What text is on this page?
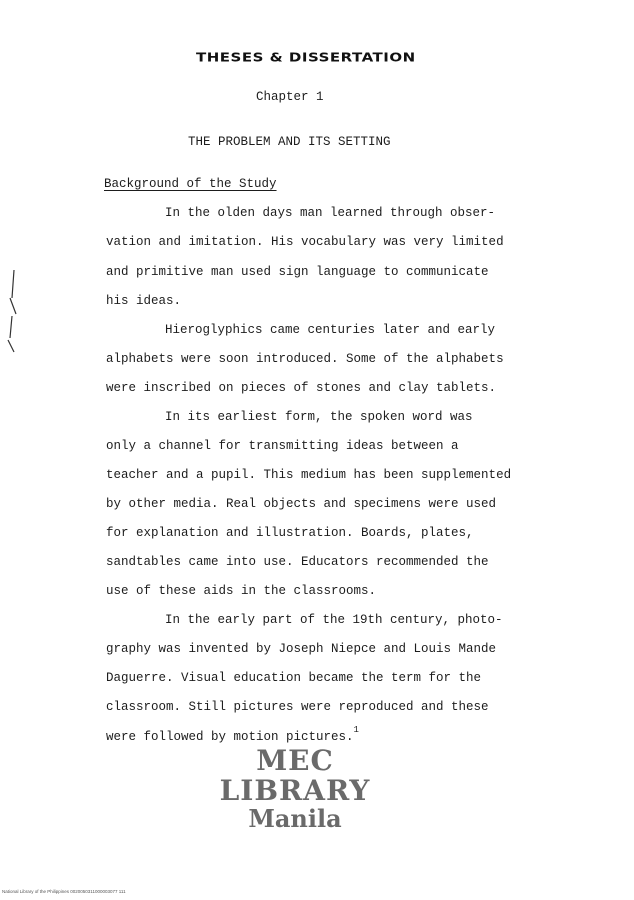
THESES & DISSERTATION
Chapter 1
THE PROBLEM AND ITS SETTING
Background of the Study
In the olden days man learned through obser-
vation and imitation. His vocabulary was very limited
and primitive man used sign language to communicate
his ideas.
Hieroglyphics came centuries later and early
alphabets were soon introduced. Some of the alphabets
were inscribed on pieces of stones and clay tablets.
In its earliest form, the spoken word was
only a channel for transmitting ideas between a
teacher and a pupil. This medium has been supplemented
by other media. Real objects and specimens were used
for explanation and illustration. Boards, plates,
sandtables came into use. Educators recommended the
use of these aids in the classrooms.
In the early part of the 19th century, photo-
graphy was invented by Joseph Niepce and Louis Mande
Daguerre. Visual education became the term for the
classroom. Still pictures were reproduced and these
were followed by motion pictures.$^1$
MEC LIBRARY
Manila
National Library of the Philippines 0020050311000003077 111
